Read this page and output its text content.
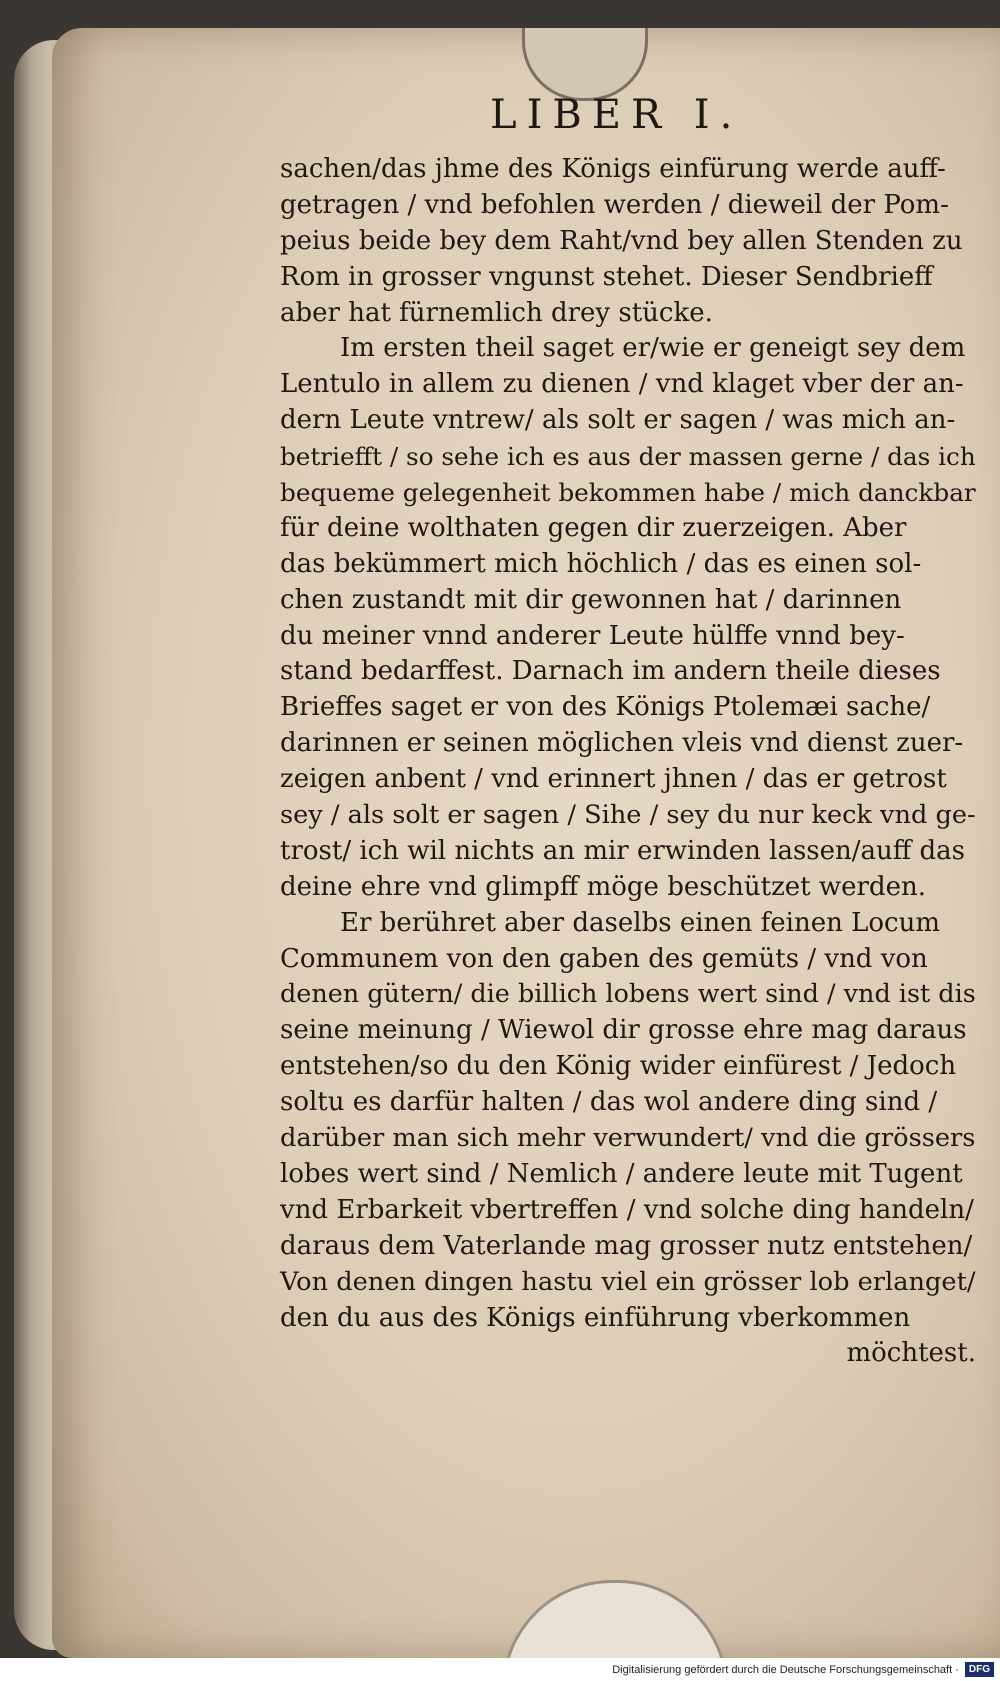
LIBER I.
sachen/das jhme des Königs einfürung werde auff-
getragen / vnd befohlen werden / dieweil der Pom-
peius beide bey dem Raht/vnd bey allen Stenden zu
Rom in grosser vngunst stehet. Dieser Sendbrieff
aber hat fürnemlich drey stücke.
Im ersten theil saget er/wie er geneigt sey dem
Lentulo in allem zu dienen / vnd klaget vber der an-
dern Leute vntrew/ als solt er sagen / was mich an-
betriefft / so sehe ich es aus der massen gerne / das ich
bequeme gelegenheit bekommen habe / mich danckbar
für deine wolthaten gegen dir zuerzeigen. Aber
das bekümmert mich höchlich / das es einen sol-
chen zustandt mit dir gewonnen hat / darinnen
du meiner vnnd anderer Leute hülffe vnnd bey-
stand bedarffest. Darnach im andern theile dieses
Brieffes saget er von des Königs Ptolemæi sache/
darinnen er seinen möglichen vleis vnd dienst zuer-
zeigen anbent / vnd erinnert jhnen / das er getrost
sey / als solt er sagen / Sihe / sey du nur keck vnd ge-
trost/ ich wil nichts an mir erwinden lassen/auff das
deine ehre vnd glimpff möge beschützet werden.
Er berühret aber daselbs einen feinen Locum
Communem von den gaben des gemüts / vnd von
denen gütern/ die billich lobens wert sind / vnd ist dis
seine meinung / Wiewol dir grosse ehre mag daraus
entstehen/so du den König wider einfürest / Jedoch
soltu es darfür halten / das wol andere ding sind /
darüber man sich mehr verwundert/ vnd die grössers
lobes wert sind / Nemlich / andere leute mit Tugent
vnd Erbarkeit vbertreffen / vnd solche ding handeln/
daraus dem Vaterlande mag grosser nutz entstehen/
Von denen dingen hastu viel ein grösser lob erlanget/
den du aus des Königs einführung vberkommen
möchtest.
Digitalisierung gefördert durch die Deutsche Forschungsgemeinschaft ·	DFG
